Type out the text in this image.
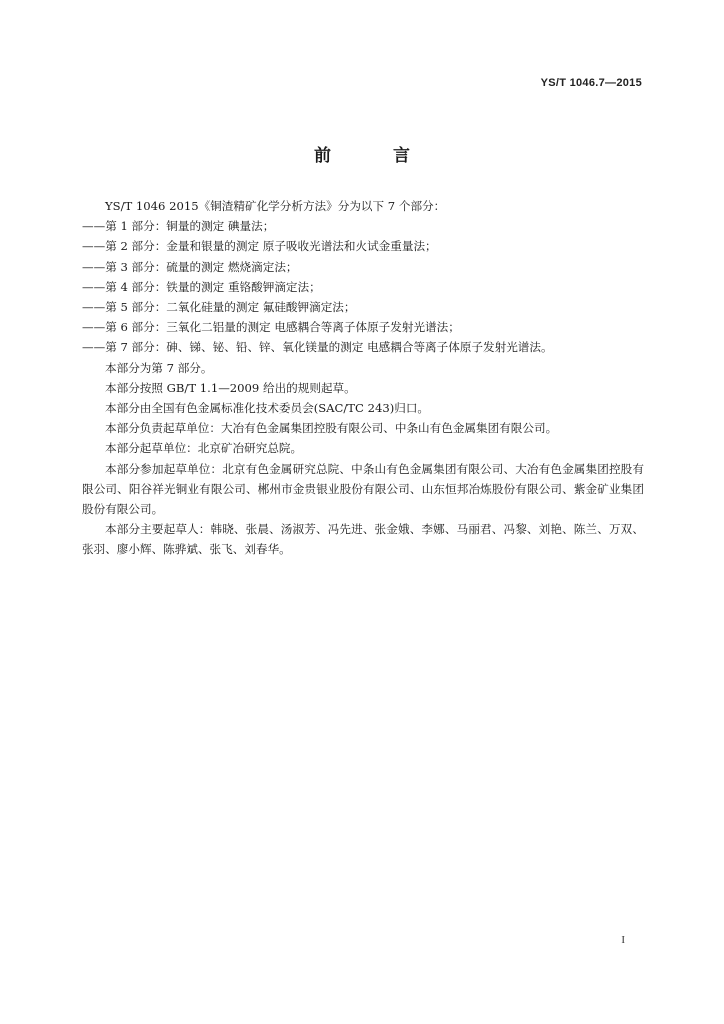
YS/T 1046.7—2015
前 言

YS/T 1046 2015《铜渣精矿化学分析方法》分为以下 7 个部分：

——第 1 部分：铜量的测定 碘量法；

——第 2 部分：金量和银量的测定 原子吸收光谱法和火试金重量法；

——第 3 部分：硫量的测定 燃烧滴定法；

——第 4 部分：铁量的测定 重铬酸钾滴定法；

——第 5 部分：二氧化硅量的测定 氟硅酸钾滴定法；

——第 6 部分：三氧化二铝量的测定 电感耦合等离子体原子发射光谱法；

——第 7 部分：砷、锑、铋、铅、锌、氧化镁量的测定 电感耦合等离子体原子发射光谱法。

本部分为第 7 部分。

本部分按照 GB/T 1.1—2009 给出的规则起草。

本部分由全国有色金属标准化技术委员会(SAC/TC 243)归口。

本部分负责起草单位：大冶有色金属集团控股有限公司、中条山有色金属集团有限公司。

本部分起草单位：北京矿冶研究总院。

本部分参加起草单位：北京有色金属研究总院、中条山有色金属集团有限公司、大冶有色金属集团控股有限公司、阳谷祥光铜业有限公司、郴州市金贵银业股份有限公司、山东恒邦冶炼股份有限公司、紫金矿业集团股份有限公司。

本部分主要起草人：韩晓、张晨、汤淑芳、冯先进、张金娥、李娜、马丽君、冯黎、刘艳、陈兰、万双、张羽、廖小辉、陈骅斌、张飞、刘春华。

I
